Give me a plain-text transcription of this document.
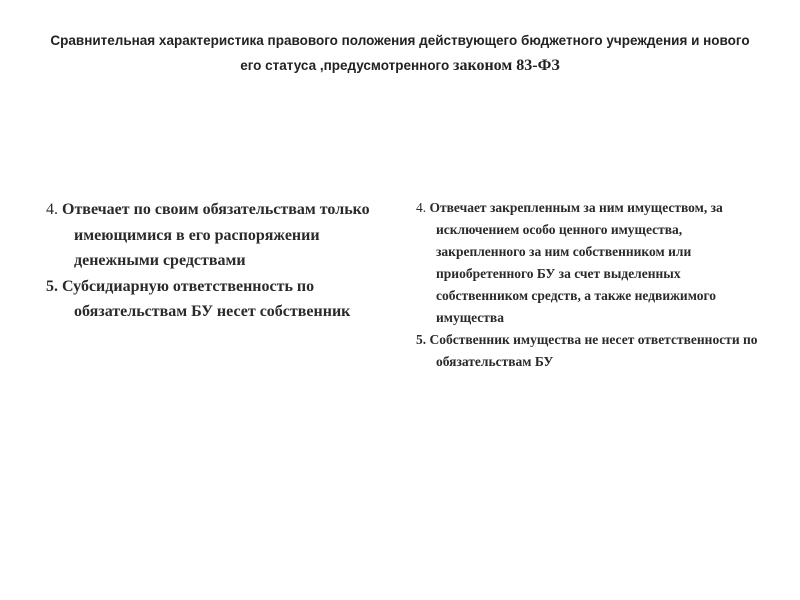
Сравнительная характеристика правового положения действующего бюджетного учреждения и нового его статуса ,предусмотренного законом 83-ФЗ

4. Отвечает по своим обязательствам только имеющимися в его распоряжении денежными средствами

5. Субсидиарную ответственность по обязательствам БУ несет собственник

4. Отвечает закрепленным за ним имуществом, за исключением особо ценного имущества, закрепленного за ним собственником или приобретенного БУ за счет выделенных собственником средств, а также недвижимого имущества

5. Собственник имущества не несет ответственности по обязательствам БУ
